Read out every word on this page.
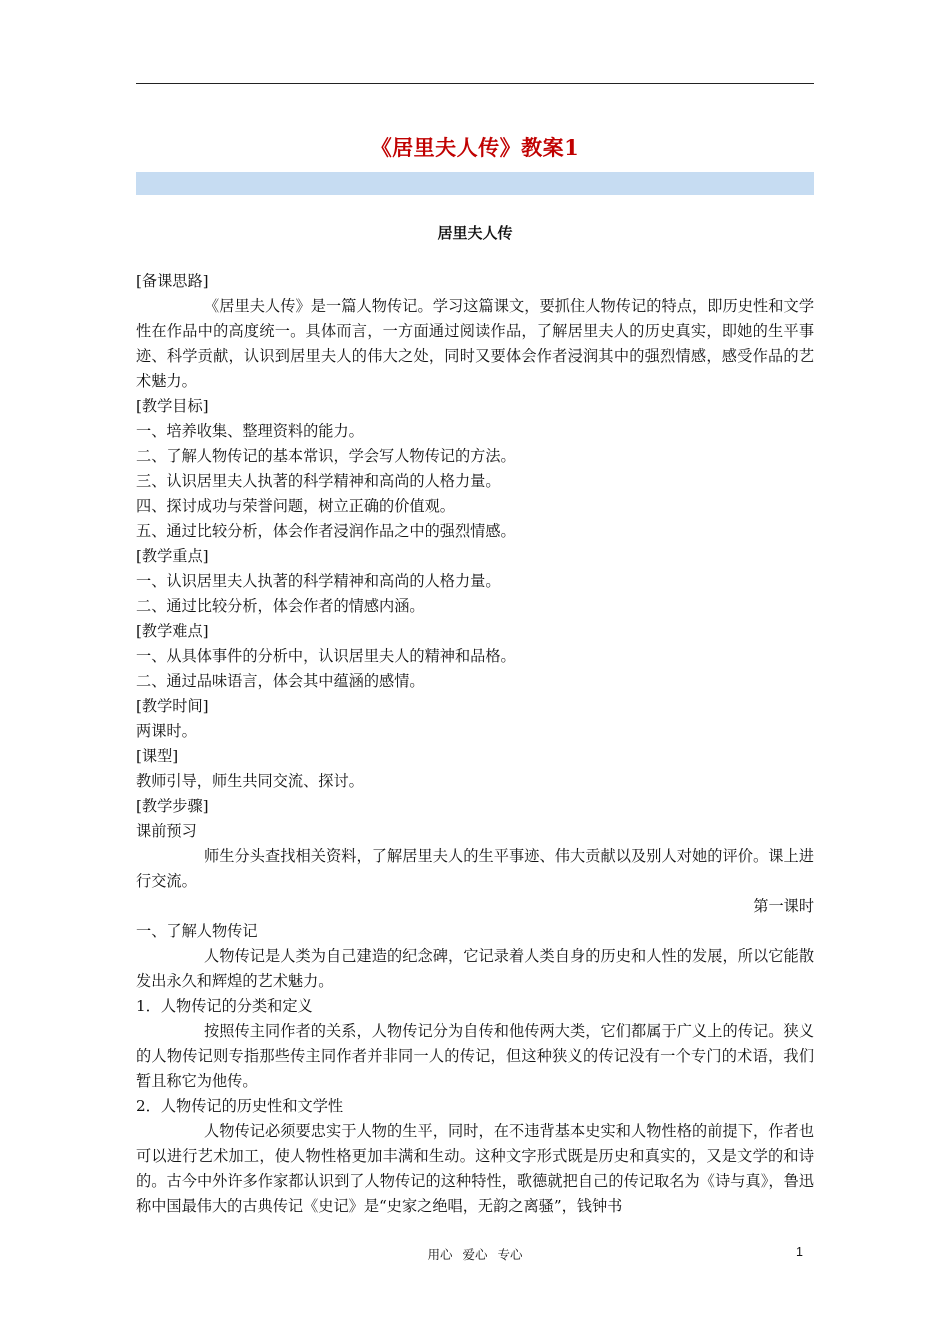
《居里夫人传》教案1
居里夫人传

[备课思路]

《居里夫人传》是一篇人物传记。学习这篇课文，要抓住人物传记的特点，即历史性和文学性在作品中的高度统一。具体而言，一方面通过阅读作品，了解居里夫人的历史真实，即她的生平事迹、科学贡献，认识到居里夫人的伟大之处，同时又要体会作者浸润其中的强烈情感，感受作品的艺术魅力。

[教学目标]

一、培养收集、整理资料的能力。

二、了解人物传记的基本常识，学会写人物传记的方法。

三、认识居里夫人执著的科学精神和高尚的人格力量。

四、探讨成功与荣誉问题，树立正确的价值观。

五、通过比较分析，体会作者浸润作品之中的强烈情感。

[教学重点]

一、认识居里夫人执著的科学精神和高尚的人格力量。

二、通过比较分析，体会作者的情感内涵。

[教学难点]

一、从具体事件的分析中，认识居里夫人的精神和品格。

二、通过品味语言，体会其中蕴涵的感情。

[教学时间]

两课时。

[课型]

教师引导，师生共同交流、探讨。

[教学步骤]

课前预习

师生分头查找相关资料，了解居里夫人的生平事迹、伟大贡献以及别人对她的评价。课上进行交流。

第一课时

一、了解人物传记

人物传记是人类为自己建造的纪念碑，它记录着人类自身的历史和人性的发展，所以它能散发出永久和辉煌的艺术魅力。

1．人物传记的分类和定义

按照传主同作者的关系，人物传记分为自传和他传两大类，它们都属于广义上的传记。狭义的人物传记则专指那些传主同作者并非同一人的传记，但这种狭义的传记没有一个专门的术语，我们暂且称它为他传。

2．人物传记的历史性和文学性

人物传记必须要忠实于人物的生平，同时，在不违背基本史实和人物性格的前提下，作者也可以进行艺术加工，使人物性格更加丰满和生动。这种文字形式既是历史和真实的，又是文学的和诗的。古今中外许多作家都认识到了人物传记的这种特性，歌德就把自己的传记取名为《诗与真》，鲁迅称中国最伟大的古典传记《史记》是“史家之绝唱，无韵之离骚”，钱钟书

用心 爱心 专心	1
